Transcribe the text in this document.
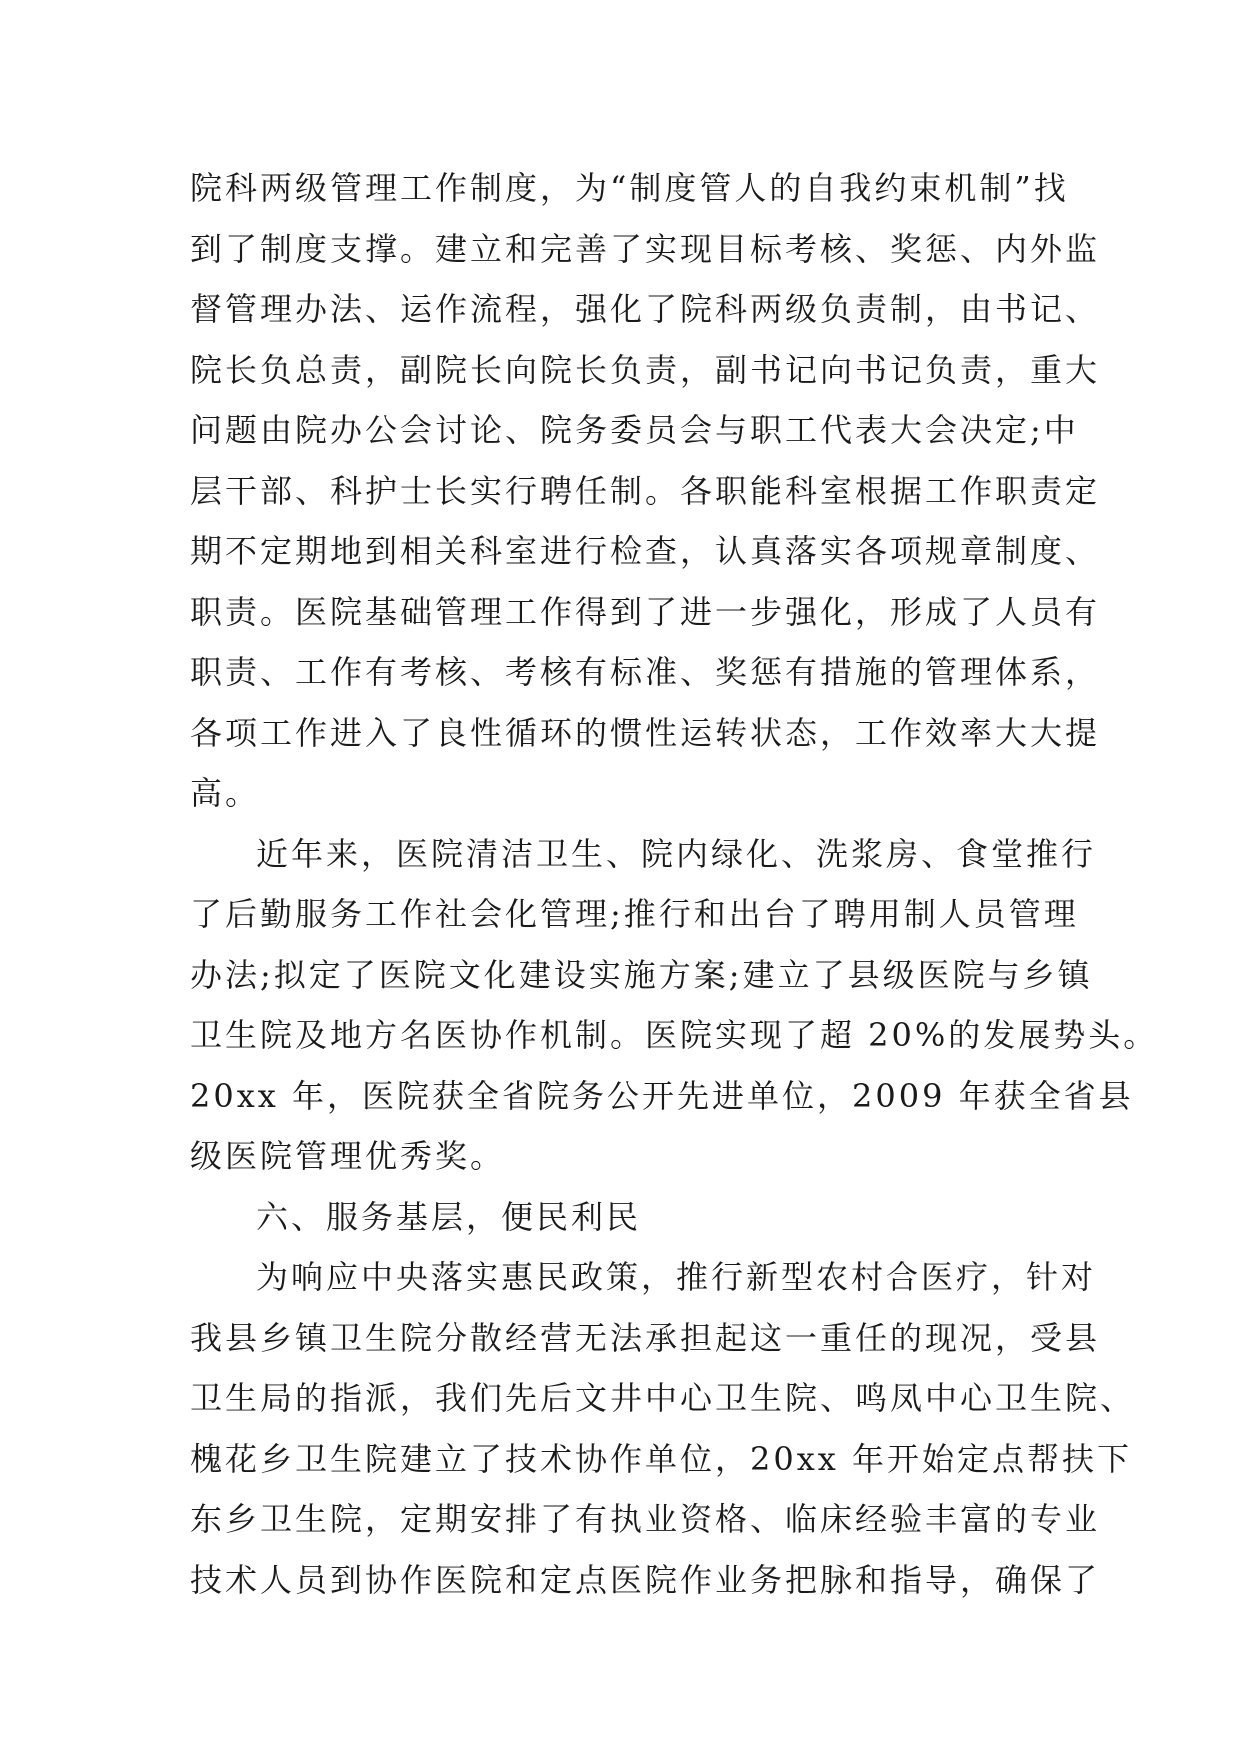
院科两级管理工作制度，为“制度管人的自我约束机制”找
到了制度支撑。建立和完善了实现目标考核、奖惩、内外监
督管理办法、运作流程，强化了院科两级负责制，由书记、
院长负总责，副院长向院长负责，副书记向书记负责，重大
问题由院办公会讨论、院务委员会与职工代表大会决定;中
层干部、科护士长实行聘任制。各职能科室根据工作职责定
期不定期地到相关科室进行检查，认真落实各项规章制度、
职责。医院基础管理工作得到了进一步强化，形成了人员有
职责、工作有考核、考核有标准、奖惩有措施的管理体系，
各项工作进入了良性循环的惯性运转状态，工作效率大大提
高。
近年来，医院清洁卫生、院内绿化、洗浆房、食堂推行
了后勤服务工作社会化管理;推行和出台了聘用制人员管理
办法;拟定了医院文化建设实施方案;建立了县级医院与乡镇
卫生院及地方名医协作机制。医院实现了超 20%的发展势头。
20xx 年，医院获全省院务公开先进单位，2009 年获全省县
级医院管理优秀奖。
六、服务基层，便民利民
为响应中央落实惠民政策，推行新型农村合医疗，针对
我县乡镇卫生院分散经营无法承担起这一重任的现况，受县
卫生局的指派，我们先后文井中心卫生院、鸣凤中心卫生院、
槐花乡卫生院建立了技术协作单位，20xx 年开始定点帮扶下
东乡卫生院，定期安排了有执业资格、临床经验丰富的专业
技术人员到协作医院和定点医院作业务把脉和指导，确保了
